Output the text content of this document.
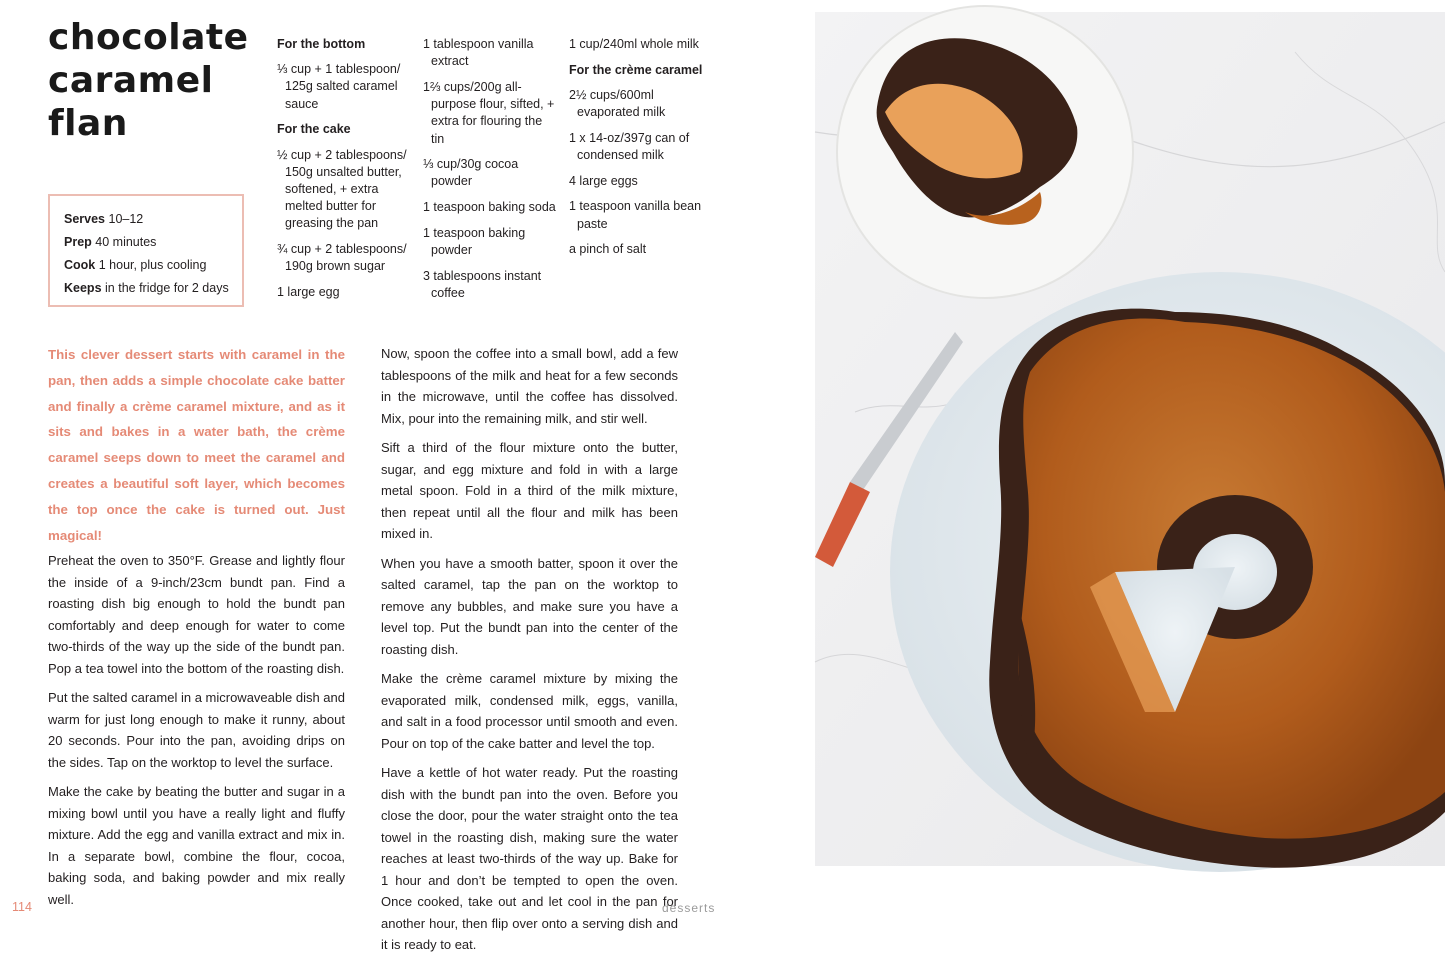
chocolate
caramel
flan
For the bottom
⅓ cup + 1 tablespoon/ 125g salted caramel sauce
For the cake
½ cup + 2 tablespoons/ 150g unsalted butter, softened, + extra melted butter for greasing the pan
¾ cup + 2 tablespoons/ 190g brown sugar
1 large egg
1 tablespoon vanilla extract
1⅔ cups/200g all-purpose flour, sifted, + extra for flouring the tin
⅓ cup/30g cocoa powder
1 teaspoon baking soda
1 teaspoon baking powder
3 tablespoons instant coffee
1 cup/240ml whole milk
For the crème caramel
2½ cups/600ml evaporated milk
1 x 14-oz/397g can of condensed milk
4 large eggs
1 teaspoon vanilla bean paste
a pinch of salt
Serves 10–12
Prep 40 minutes
Cook 1 hour, plus cooling
Keeps in the fridge for 2 days

This clever dessert starts with caramel in the pan, then adds a simple chocolate cake batter and finally a crème caramel mixture, and as it sits and bakes in a water bath, the crème caramel seeps down to meet the caramel and creates a beautiful soft layer, which becomes the top once the cake is turned out. Just magical!

Preheat the oven to 350°F. Grease and lightly flour the inside of a 9-inch/23cm bundt pan. Find a roasting dish big enough to hold the bundt pan comfortably and deep enough for water to come two-thirds of the way up the side of the bundt pan. Pop a tea towel into the bottom of the roasting dish.

Put the salted caramel in a microwaveable dish and warm for just long enough to make it runny, about 20 seconds. Pour into the pan, avoiding drips on the sides. Tap on the worktop to level the surface.

Make the cake by beating the butter and sugar in a mixing bowl until you have a really light and fluffy mixture. Add the egg and vanilla extract and mix in. In a separate bowl, combine the flour, cocoa, baking soda, and baking powder and mix really well.

Now, spoon the coffee into a small bowl, add a few tablespoons of the milk and heat for a few seconds in the microwave, until the coffee has dissolved. Mix, pour into the remaining milk, and stir well.

Sift a third of the flour mixture onto the butter, sugar, and egg mixture and fold in with a large metal spoon. Fold in a third of the milk mixture, then repeat until all the flour and milk has been mixed in.

When you have a smooth batter, spoon it over the salted caramel, tap the pan on the worktop to remove any bubbles, and make sure you have a level top. Put the bundt pan into the center of the roasting dish.

Make the crème caramel mixture by mixing the evaporated milk, condensed milk, eggs, vanilla, and salt in a food processor until smooth and even. Pour on top of the cake batter and level the top.

Have a kettle of hot water ready. Put the roasting dish with the bundt pan into the oven. Before you close the door, pour the water straight onto the tea towel in the roasting dish, making sure the water reaches at least two-thirds of the way up. Bake for 1 hour and don’t be tempted to open the oven. Once cooked, take out and let cool in the pan for another hour, then flip over onto a serving dish and it is ready to eat.

114	desserts
